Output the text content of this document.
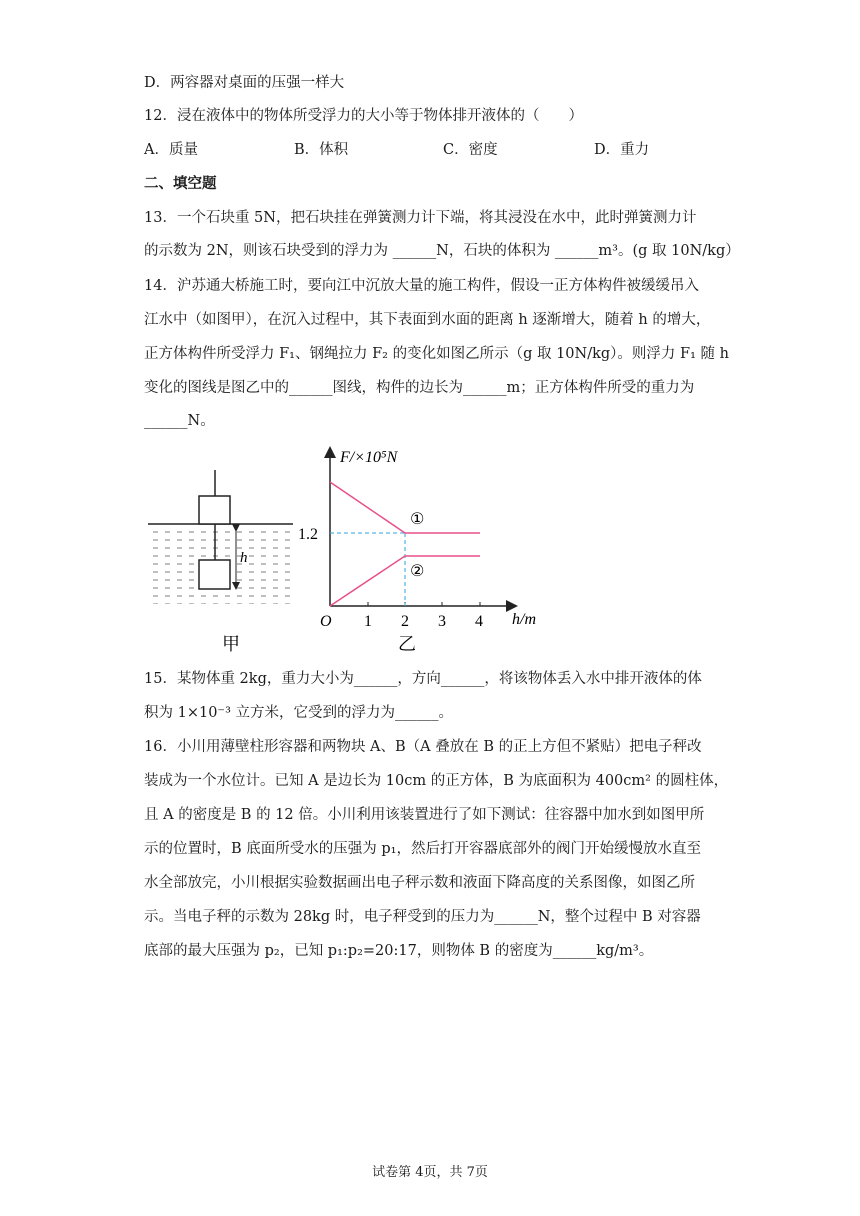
D．两容器对桌面的压强一样大
12．浸在液体中的物体所受浮力的大小等于物体排开液体的（　　）
A．质量	B．体积	C．密度	D．重力
二、填空题
13．一个石块重 5N，把石块挂在弹簧测力计下端，将其浸没在水中，此时弹簧测力计
的示数为 2N，则该石块受到的浮力为 ______N，石块的体积为 ______m³。(g 取 10N/kg）
14．沪苏通大桥施工时，要向江中沉放大量的施工构件，假设一正方体构件被缓缓吊入
江水中（如图甲），在沉入过程中，其下表面到水面的距离 h 逐渐增大，随着 h 的增大，
正方体构件所受浮力 F₁、钢绳拉力 F₂ 的变化如图乙所示（g 取 10N/kg）。则浮力 F₁ 随 h
变化的图线是图乙中的______图线，构件的边长为______m；正方体构件所受的重力为
______N。
h
甲
F/×10⁵N
h/m
O
1.2
1 2 3 4
①
②
乙
15．某物体重 2kg，重力大小为______，方向______，将该物体丢入水中排开液体的体
积为 1×10⁻³ 立方米，它受到的浮力为______。
16．小川用薄壁柱形容器和两物块 A、B（A 叠放在 B 的正上方但不紧贴）把电子秤改
装成为一个水位计。已知 A 是边长为 10cm 的正方体，B 为底面积为 400cm² 的圆柱体，
且 A 的密度是 B 的 12 倍。小川利用该装置进行了如下测试：往容器中加水到如图甲所
示的位置时，B 底面所受水的压强为 p₁，然后打开容器底部外的阀门开始缓慢放水直至
水全部放完，小川根据实验数据画出电子秤示数和液面下降高度的关系图像，如图乙所
示。当电子秤的示数为 28kg 时，电子秤受到的压力为______N，整个过程中 B 对容器
底部的最大压强为 p₂，已知 p₁:p₂=20:17，则物体 B 的密度为______kg/m³。
试卷第 4页，共 7页
